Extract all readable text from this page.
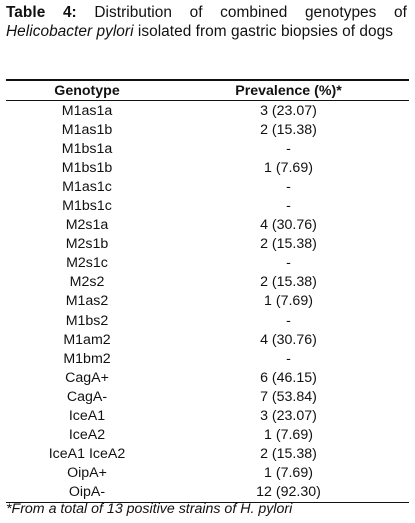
Table 4: Distribution of combined genotypes of Helicobacter pylori isolated from gastric biopsies of dogs

Genotype	Prevalence (%)*
M1as1a	3 (23.07)
M1as1b	2 (15.38)
M1bs1a	-
M1bs1b	1 (7.69)
M1as1c	-
M1bs1c	-
M2s1a	4 (30.76)
M2s1b	2 (15.38)
M2s1c	-
M2s2	2 (15.38)
M1as2	1 (7.69)
M1bs2	-
M1am2	4 (30.76)
M1bm2	-
CagA+	6 (46.15)
CagA-	7 (53.84)
IceA1	3 (23.07)
IceA2	1 (7.69)
IceA1 IceA2	2 (15.38)
OipA+	1 (7.69)
OipA-	12 (92.30)

*From a total of 13 positive strains of H. pylori
